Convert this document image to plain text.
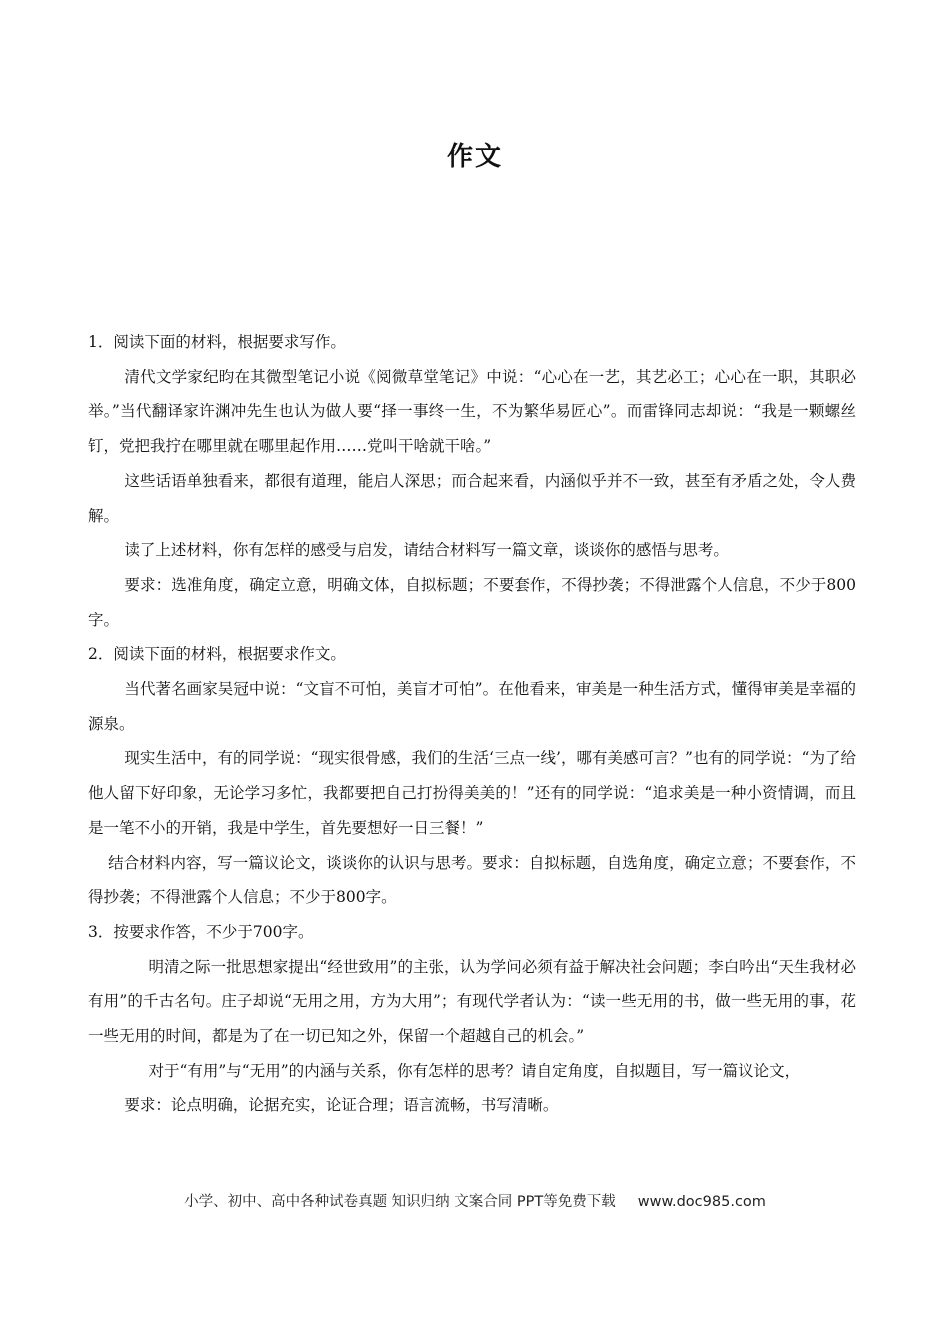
作文

1．阅读下面的材料，根据要求写作。

清代文学家纪昀在其微型笔记小说《阅微草堂笔记》中说：“心心在一艺，其艺必工；心心在一职，其职必举。”当代翻译家许渊冲先生也认为做人要“择一事终一生，不为繁华易匠心”。而雷锋同志却说：“我是一颗螺丝钉，党把我拧在哪里就在哪里起作用……党叫干啥就干啥。”

这些话语单独看来，都很有道理，能启人深思；而合起来看，内涵似乎并不一致，甚至有矛盾之处，令人费解。

读了上述材料，你有怎样的感受与启发，请结合材料写一篇文章，谈谈你的感悟与思考。

要求：选准角度，确定立意，明确文体，自拟标题；不要套作，不得抄袭；不得泄露个人信息，不少于800字。

2．阅读下面的材料，根据要求作文。

当代著名画家吴冠中说：“文盲不可怕，美盲才可怕”。在他看来，审美是一种生活方式，懂得审美是幸福的源泉。

现实生活中，有的同学说：“现实很骨感，我们的生活‘三点一线’，哪有美感可言？”也有的同学说：“为了给他人留下好印象，无论学习多忙，我都要把自己打扮得美美的！”还有的同学说：“追求美是一种小资情调，而且是一笔不小的开销，我是中学生，首先要想好一日三餐！”

结合材料内容，写一篇议论文，谈谈你的认识与思考。要求：自拟标题，自选角度，确定立意；不要套作，不得抄袭；不得泄露个人信息；不少于800字。

3．按要求作答，不少于700字。

明清之际一批思想家提出“经世致用”的主张，认为学问必须有益于解决社会问题；李白吟出“天生我材必有用”的千古名句。庄子却说“无用之用，方为大用”；有现代学者认为：“读一些无用的书，做一些无用的事，花一些无用的时间，都是为了在一切已知之外，保留一个超越自己的机会。”

对于“有用”与“无用”的内涵与关系，你有怎样的思考？请自定角度，自拟题目，写一篇议论文，

要求：论点明确，论据充实，论证合理；语言流畅，书写清晰。

小学、初中、高中各种试卷真题 知识归纳 文案合同 PPT等免费下载 www.doc985.com
